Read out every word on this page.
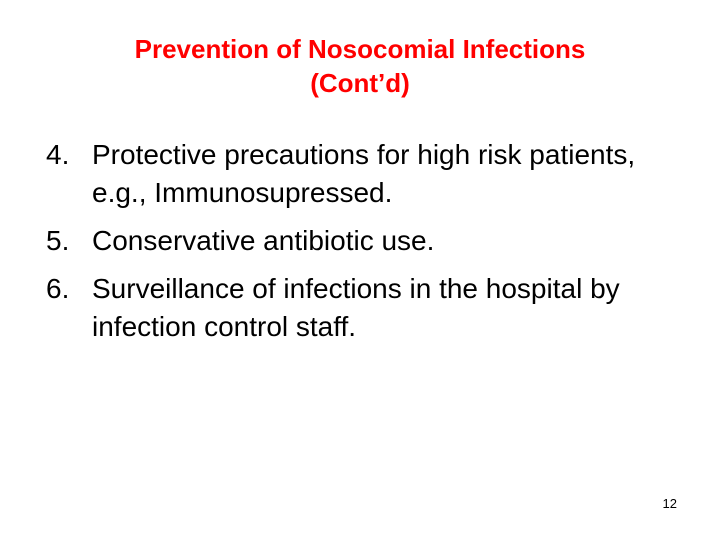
Prevention of Nosocomial Infections
(Cont’d)
4. Protective precautions for high risk patients, e.g., Immunosupressed.
5. Conservative antibiotic use.
6. Surveillance of infections in the hospital by infection control staff.
12
